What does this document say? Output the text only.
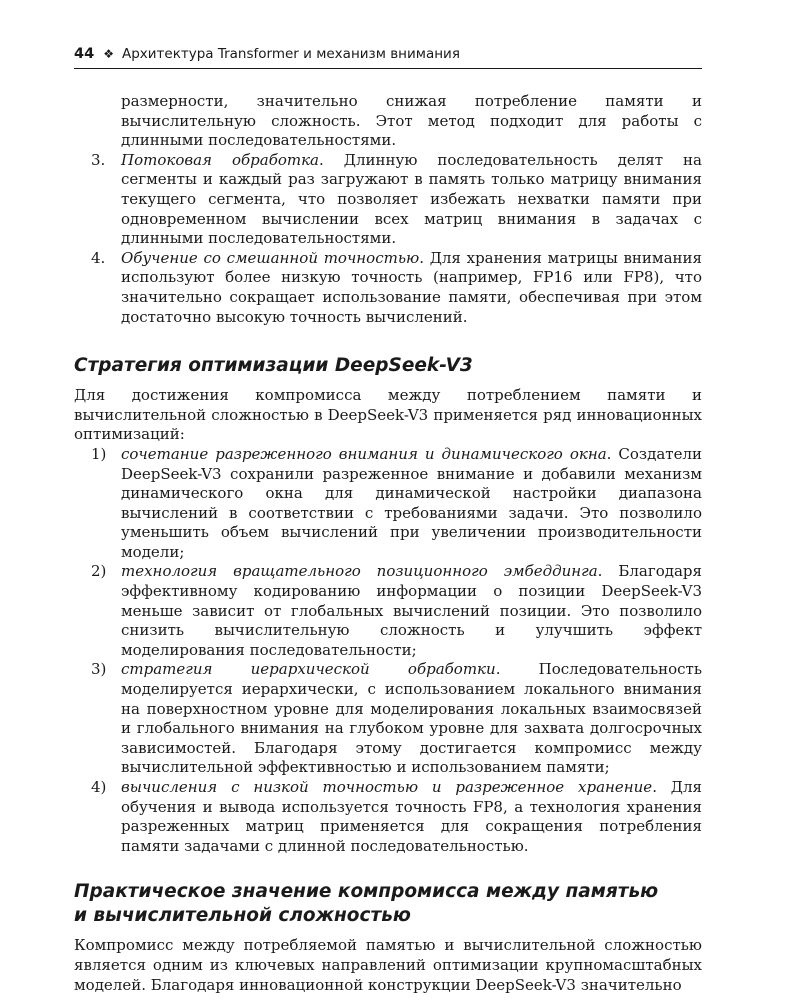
44 ❖ Архитектура Transformer и механизм внимания

размерности, значительно снижая потребление памяти и вычислительную сложность. Этот метод подходит для работы с длинными последовательностями.

3.	Потоковая обработка. Длинную последовательность делят на сегменты и каждый раз загружают в память только матрицу внимания текущего сегмента, что позволяет избежать нехватки памяти при одновременном вычислении всех матриц внимания в задачах с длинными последовательностями.
4.	Обучение со смешанной точностью. Для хранения матрицы внимания используют более низкую точность (например, FP16 или FP8), что значительно сокращает использование памяти, обеспечивая при этом достаточно высокую точность вычислений.
Стратегия оптимизации DeepSeek-V3

Для достижения компромисса между потреблением памяти и вычислительной сложностью в DeepSeek-V3 применяется ряд инновационных оптимизаций:

1) сочетание разреженного внимания и динамического окна. Создатели DeepSeek-V3 сохранили разреженное внимание и добавили механизм динамического окна для динамической настройки диапазона вычислений в соответствии с требованиями задачи. Это позволило уменьшить объем вычислений при увеличении производительности модели;
2) технология вращательного позиционного эмбеддинга. Благодаря эффективному кодированию информации о позиции DeepSeek-V3 меньше зависит от глобальных вычислений позиции. Это позволило снизить вычислительную сложность и улучшить эффект моделирования последовательности;
3) стратегия иерархической обработки. Последовательность моделируется иерархически, с использованием локального внимания на поверхностном уровне для моделирования локальных взаимосвязей и глобального внимания на глубоком уровне для захвата долгосрочных зависимостей. Благодаря этому достигается компромисс между вычислительной эффективностью и использованием памяти;
4) вычисления с низкой точностью и разреженное хранение. Для обучения и вывода используется точность FP8, а технология хранения разреженных матриц применяется для сокращения потребления памяти задачами с длинной последовательностью.
Практическое значение компромисса между памятью
и вычислительной сложностью

Компромисс между потребляемой памятью и вычислительной сложностью является одним из ключевых направлений оптимизации крупномасштабных моделей. Благодаря инновационной конструкции DeepSeek-V3 значительно
